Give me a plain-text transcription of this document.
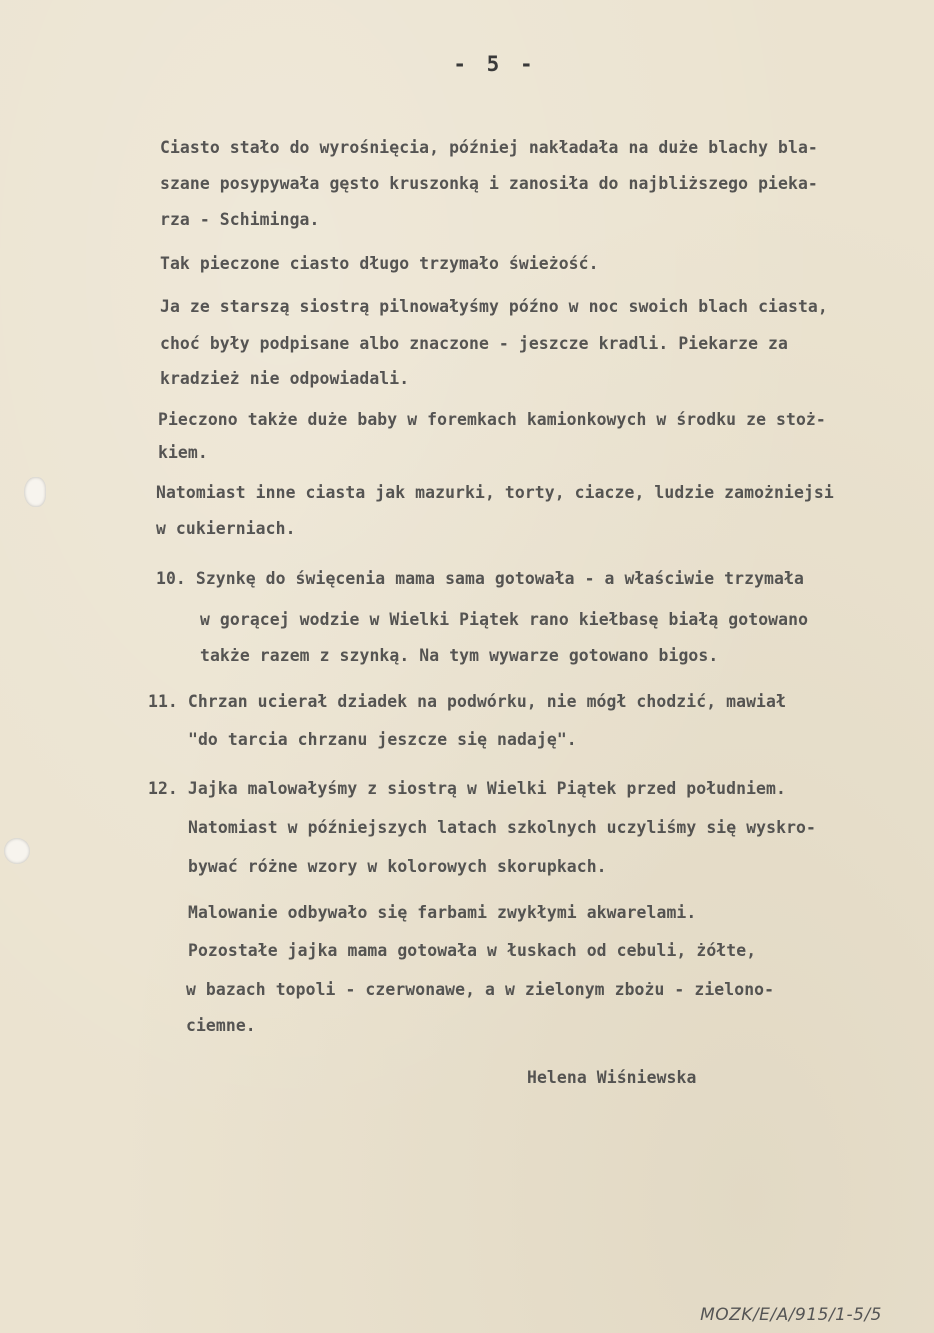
- 5 -
Ciasto stało do wyrośnięcia, później nakładała na duże blachy bla-
szane posypywała gęsto kruszonką i zanosiła do najbliższego piekа-
rza - Schiminga.
Tak pieczone ciasto długo trzymało świeżość.
Ja ze starszą siostrą pilnowałyśmy późno w noc swoich blach ciasta,
choć były podpisane albo znaczone - jeszcze kradli. Piekarze za
kradzież nie odpowiadali.
Pieczono także duże baby w foremkach kamionkowych w środku ze stoż-
kiem.
Natomiast inne ciasta jak mazurki, torty, ciacze, ludzie zamożniejsi
w cukierniach.
10. Szynkę do święcenia mama sama gotowała - a właściwie trzymała
w gorącej wodzie w Wielki Piątek rano kiełbasę białą gotowano
także razem z szynką. Na tym wywarze gotowano bigos.
11. Chrzan ucierał dziadek na podwórku, nie mógł chodzić, mawiał
"do tarcia chrzanu jeszcze się nadaję".
12. Jajka malowałyśmy z siostrą w Wielki Piątek przed południem.
Natomiast w późniejszych latach szkolnych uczyliśmy się wyskro-
bywać różne wzory w kolorowych skorupkach.
Malowanie odbywało się farbami zwykłymi akwarelami.
Pozostałe jajka mama gotowała w łuskach od cebuli, żółte,
w bazach topoli - czerwonawe, a w zielonym zbożu - zielono-
ciemne.
Helena Wiśniewska
MOZK/E/A/915/1-5/5
